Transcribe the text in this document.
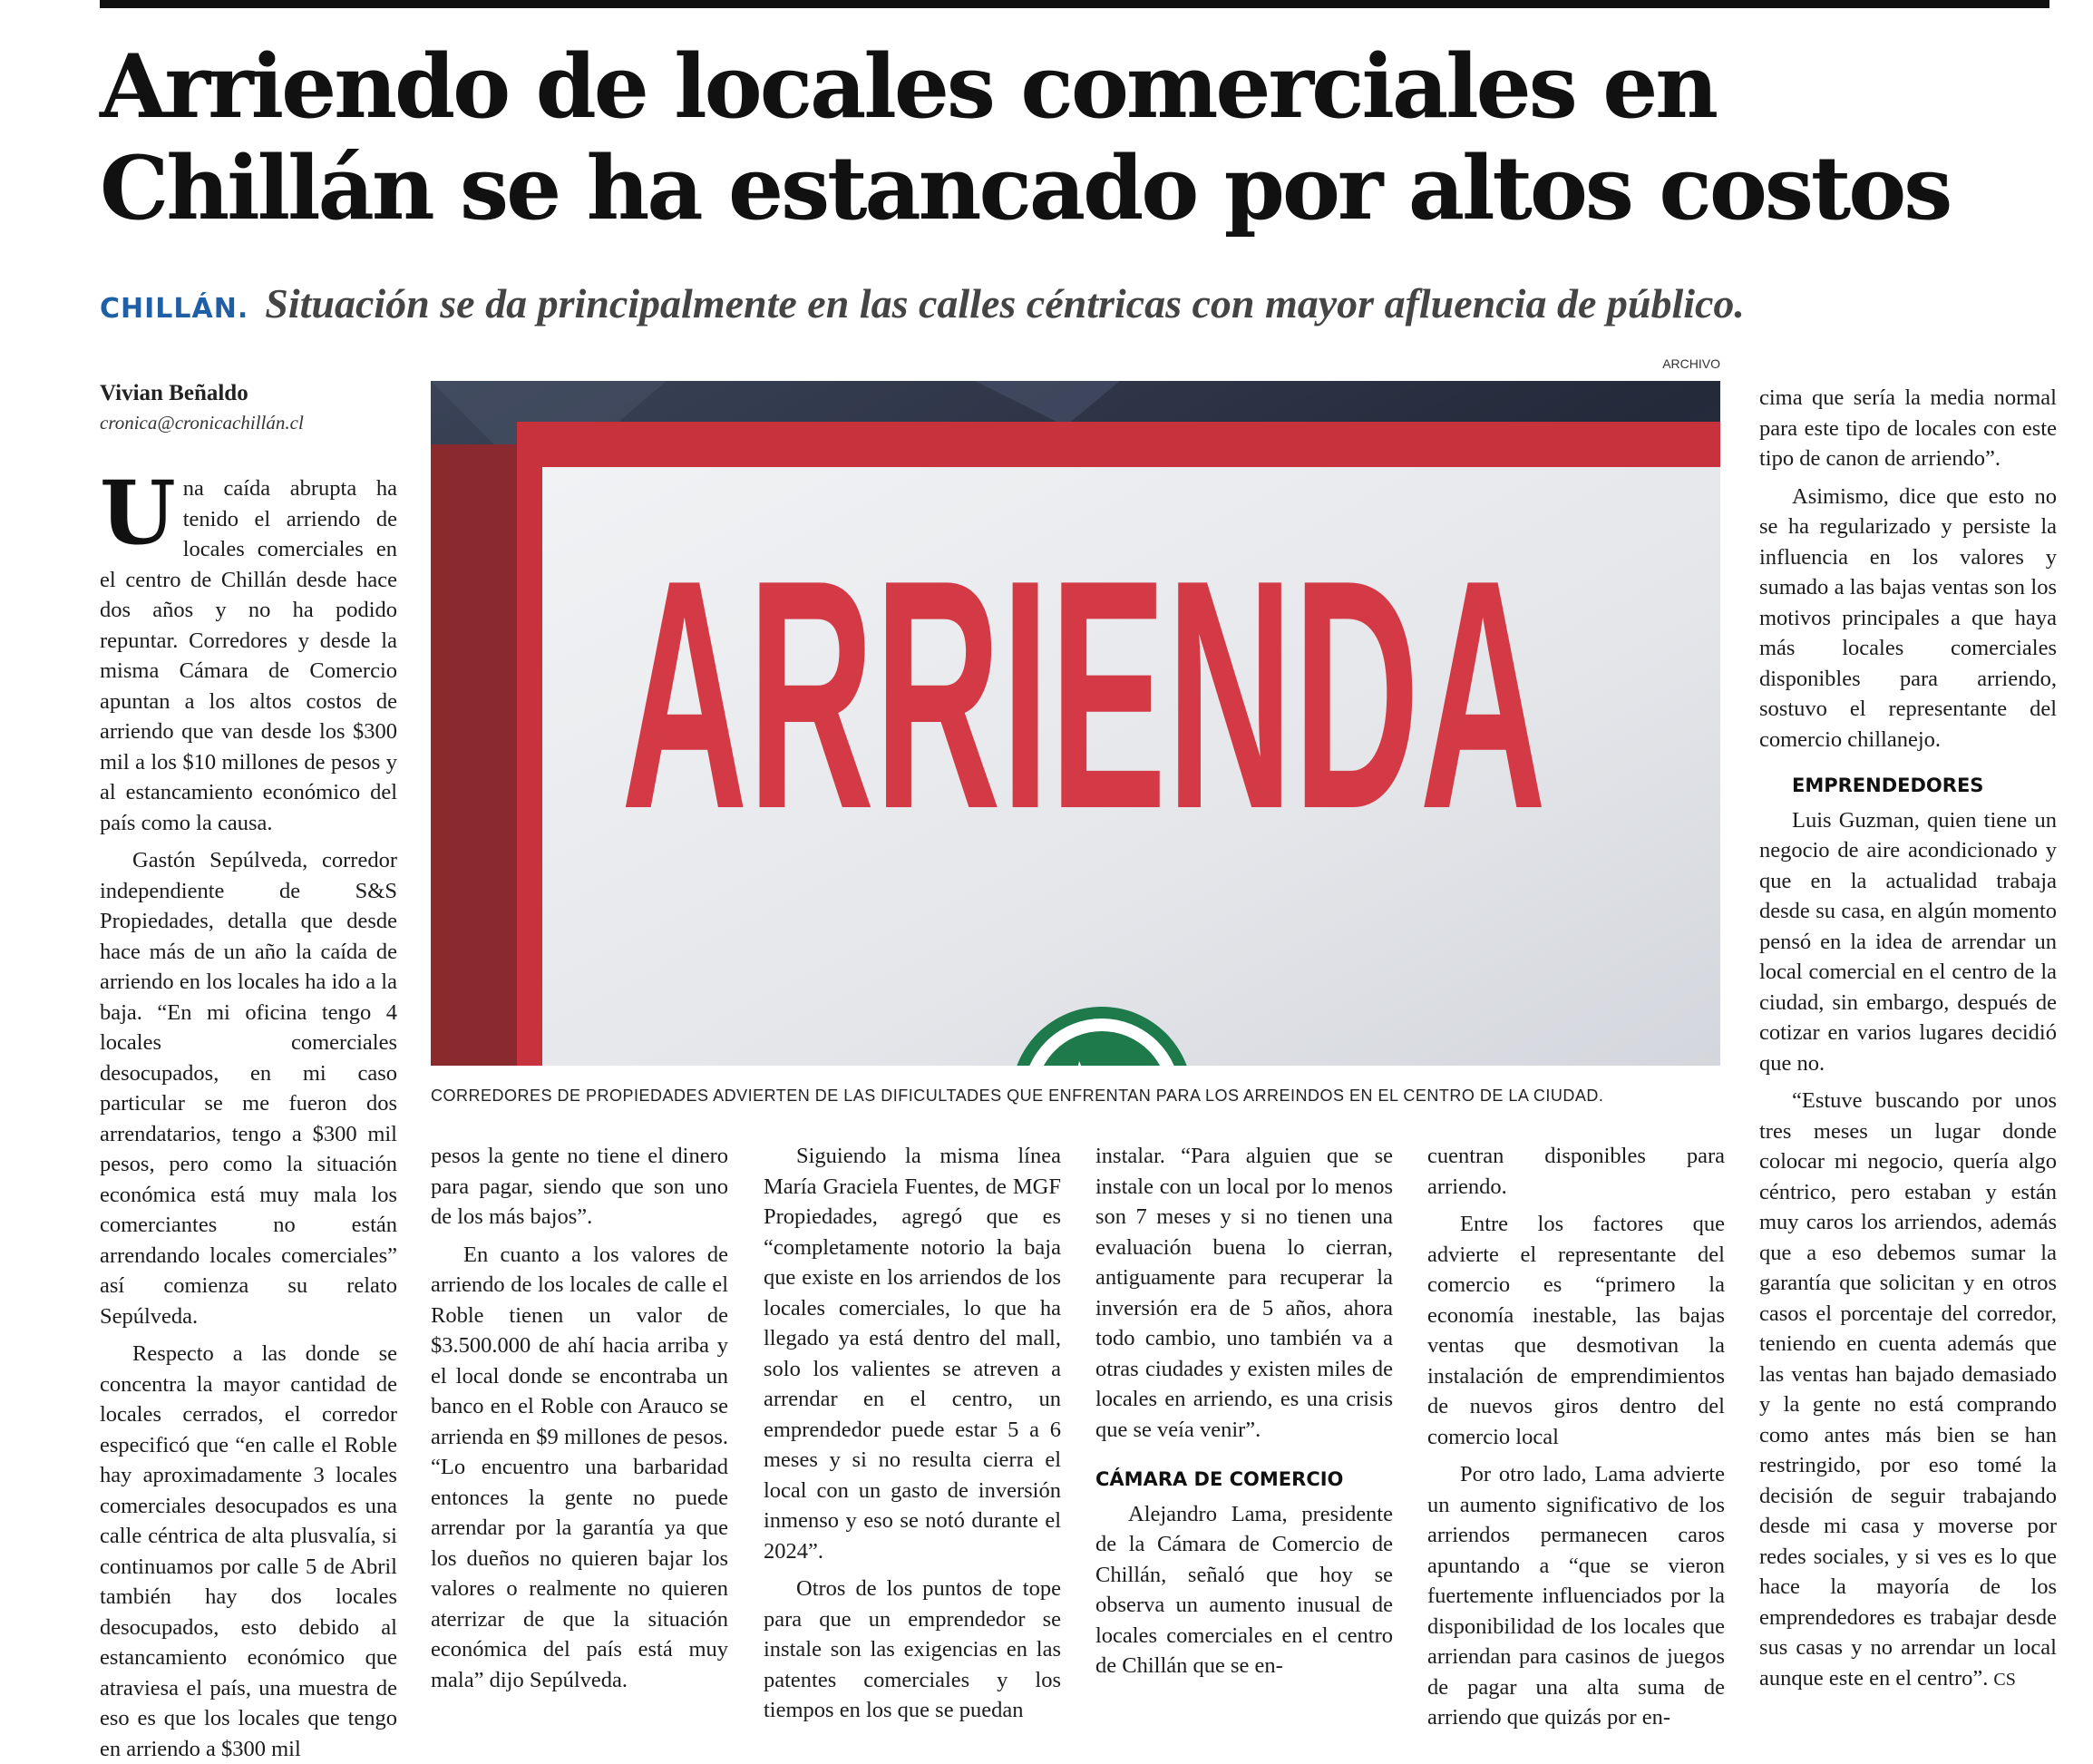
Arriendo de locales comerciales en Chillán se ha estancado por altos costos
CHILLÁN. Situación se da principalmente en las calles céntricas con mayor afluencia de público.
Vivian Beñaldo
cronica@cronicachillán.cl
ARCHIVO
ARRIENDA
CORREDORES DE PROPIEDADES ADVIERTEN DE LAS DIFICULTADES QUE ENFRENTAN PARA LOS ARREINDOS EN EL CENTRO DE LA CIUDAD.

Una caída abrupta ha tenido el arriendo de locales comerciales en el centro de Chillán desde hace dos años y no ha podido repuntar. Corredores y desde la misma Cámara de Comercio apuntan a los altos costos de arriendo que van desde los $300 mil a los $10 millones de pesos y al estancamiento económico del país como la causa.

Gastón Sepúlveda, corredor independiente de S&S Propiedades, detalla que desde hace más de un año la caída de arriendo en los locales ha ido a la baja. “En mi oficina tengo 4 locales comerciales desocupados, en mi caso particular se me fueron dos arrendatarios, tengo a $300 mil pesos, pero como la situación económica está muy mala los comerciantes no están arrendando locales comerciales” así comienza su relato Sepúlveda.

Respecto a las donde se concentra la mayor cantidad de locales cerrados, el corredor especificó que “en calle el Roble hay aproximadamente 3 locales comerciales desocupados es una calle céntrica de alta plusvalía, si continuamos por calle 5 de Abril también hay dos locales desocupados, esto debido al estancamiento económico que atraviesa el país, una muestra de eso es que los locales que tengo en arriendo a $300 mil

pesos la gente no tiene el dinero para pagar, siendo que son uno de los más bajos”.

En cuanto a los valores de arriendo de los locales de calle el Roble tienen un valor de $3.500.000 de ahí hacia arriba y el local donde se encontraba un banco en el Roble con Arauco se arrienda en $9 millones de pesos. “Lo encuentro una barbaridad entonces la gente no puede arrendar por la garantía ya que los dueños no quieren bajar los valores o realmente no quieren aterrizar de que la situación económica del país está muy mala” dijo Sepúlveda.

Siguiendo la misma línea María Graciela Fuentes, de MGF Propiedades, agregó que es “completamente notorio la baja que existe en los arriendos de los locales comerciales, lo que ha llegado ya está dentro del mall, solo los valientes se atreven a arrendar en el centro, un emprendedor puede estar 5 a 6 meses y si no resulta cierra el local con un gasto de inversión inmenso y eso se notó durante el 2024”.

Otros de los puntos de tope para que un emprendedor se instale son las exigencias en las patentes comerciales y los tiempos en los que se puedan

instalar. “Para alguien que se instale con un local por lo menos son 7 meses y si no tienen una evaluación buena lo cierran, antiguamente para recuperar la inversión era de 5 años, ahora todo cambio, uno también va a otras ciudades y existen miles de locales en arriendo, es una crisis que se veía venir”.

CÁMARA DE COMERCIO

Alejandro Lama, presidente de la Cámara de Comercio de Chillán, señaló que hoy se observa un aumento inusual de locales comerciales en el centro de Chillán que se en-

cuentran disponibles para arriendo.

Entre los factores que advierte el representante del comercio es “primero la economía inestable, las bajas ventas que desmotivan la instalación de emprendimientos de nuevos giros dentro del comercio local

Por otro lado, Lama advierte un aumento significativo de los arriendos permanecen caros apuntando a “que se vieron fuertemente influenciados por la disponibilidad de los locales que arriendan para casinos de juegos de pagar una alta suma de arriendo que quizás por en-

cima que sería la media normal para este tipo de locales con este tipo de canon de arriendo”.

Asimismo, dice que esto no se ha regularizado y persiste la influencia en los valores y sumado a las bajas ventas son los motivos principales a que haya más locales comerciales disponibles para arriendo, sostuvo el representante del comercio chillanejo.

EMPRENDEDORES

Luis Guzman, quien tiene un negocio de aire acondicionado y que en la actualidad trabaja desde su casa, en algún momento pensó en la idea de arrendar un local comercial en el centro de la ciudad, sin embargo, después de cotizar en varios lugares decidió que no.

“Estuve buscando por unos tres meses un lugar donde colocar mi negocio, quería algo céntrico, pero estaban y están muy caros los arriendos, además que a eso debemos sumar la garantía que solicitan y en otros casos el porcentaje del corredor, teniendo en cuenta además que las ventas han bajado demasiado y la gente no está comprando como antes más bien se han restringido, por eso tomé la decisión de seguir trabajando desde mi casa y moverse por redes sociales, y si ves es lo que hace la mayoría de los emprendedores es trabajar desde sus casas y no arrendar un local aunque este en el centro”. CS
